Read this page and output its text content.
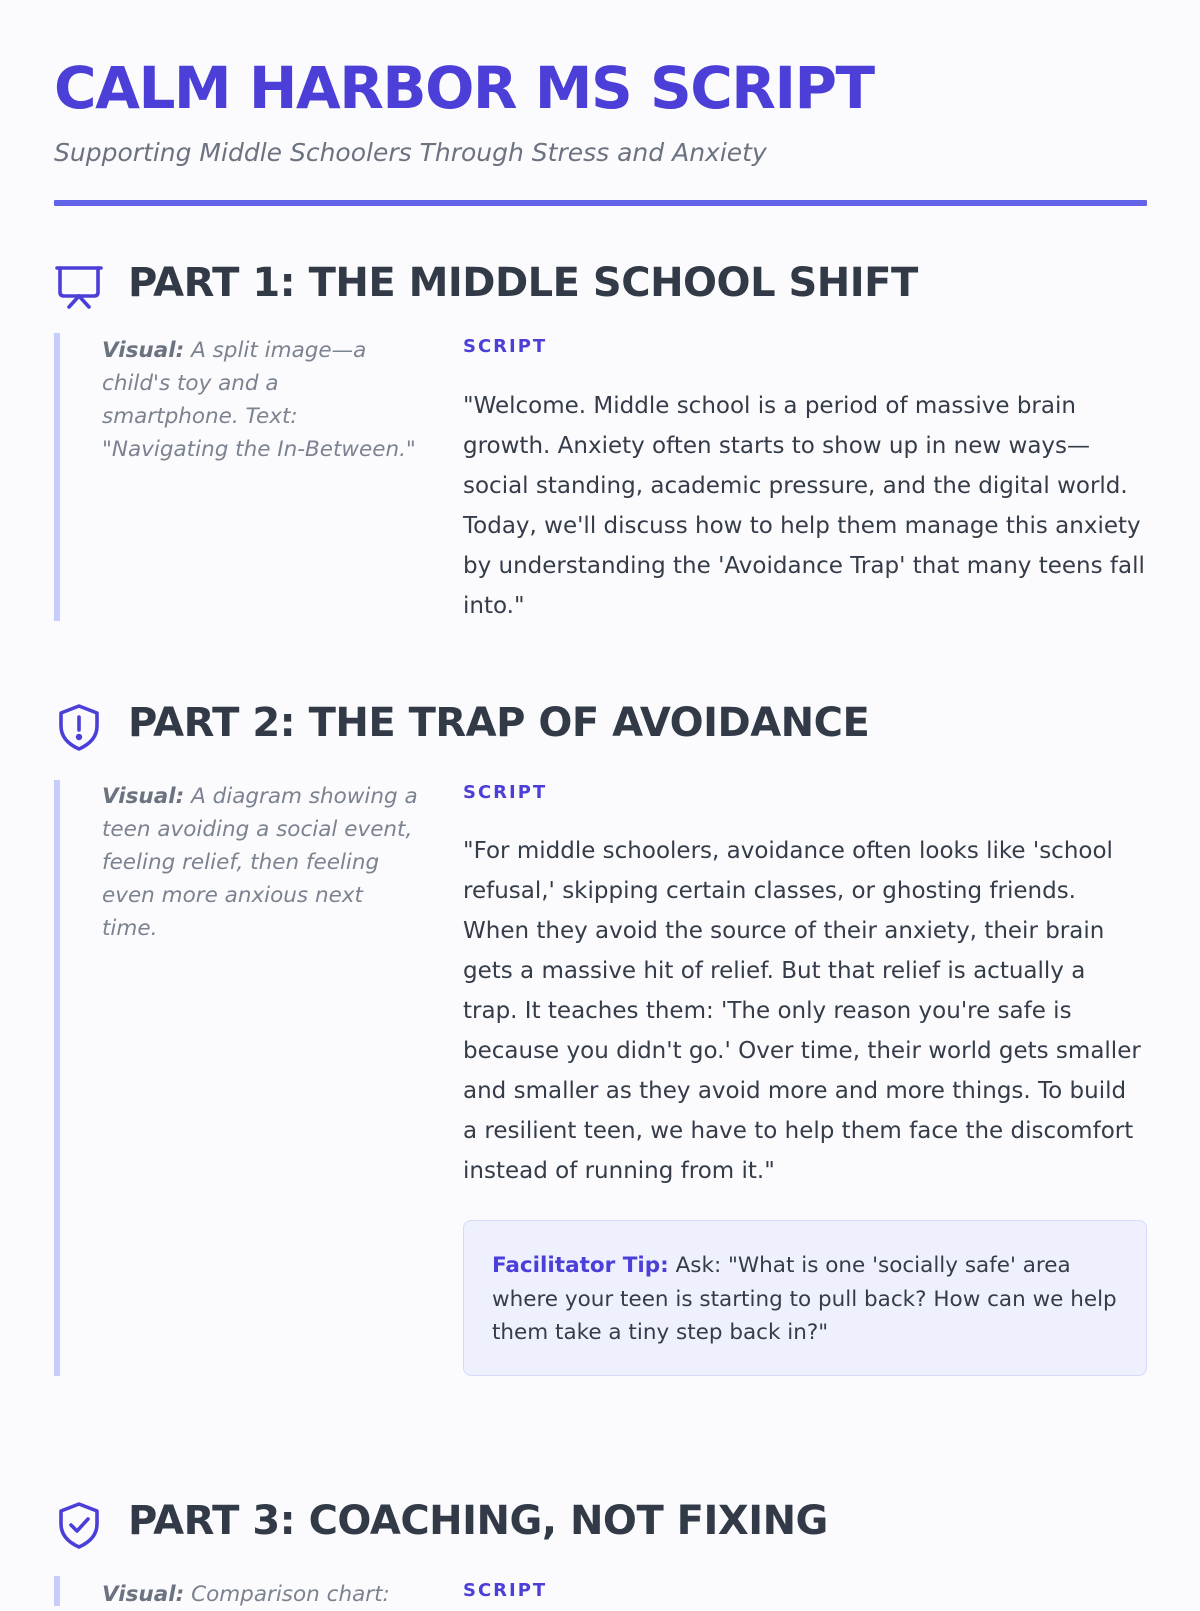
CALM HARBOR MS SCRIPT
Supporting Middle Schoolers Through Stress and Anxiety
PART 1: THE MIDDLE SCHOOL SHIFT
Visual: A split image—a child's toy and a smartphone. Text: "Navigating the In-Between."
SCRIPT
"Welcome. Middle school is a period of massive brain growth. Anxiety often starts to show up in new ways—social standing, academic pressure, and the digital world. Today, we'll discuss how to help them manage this anxiety by understanding the 'Avoidance Trap' that many teens fall into."
PART 2: THE TRAP OF AVOIDANCE
Visual: A diagram showing a teen avoiding a social event, feeling relief, then feeling even more anxious next time.
SCRIPT
"For middle schoolers, avoidance often looks like 'school refusal,' skipping certain classes, or ghosting friends. When they avoid the source of their anxiety, their brain gets a massive hit of relief. But that relief is actually a trap. It teaches them: 'The only reason you're safe is because you didn't go.' Over time, their world gets smaller and smaller as they avoid more and more things. To build a resilient teen, we have to help them face the discomfort instead of running from it."
Facilitator Tip: Ask: "What is one 'socially safe' area where your teen is starting to pull back? How can we help them take a tiny step back in?"
PART 3: COACHING, NOT FIXING
Visual: Comparison chart:	SCRIPT
